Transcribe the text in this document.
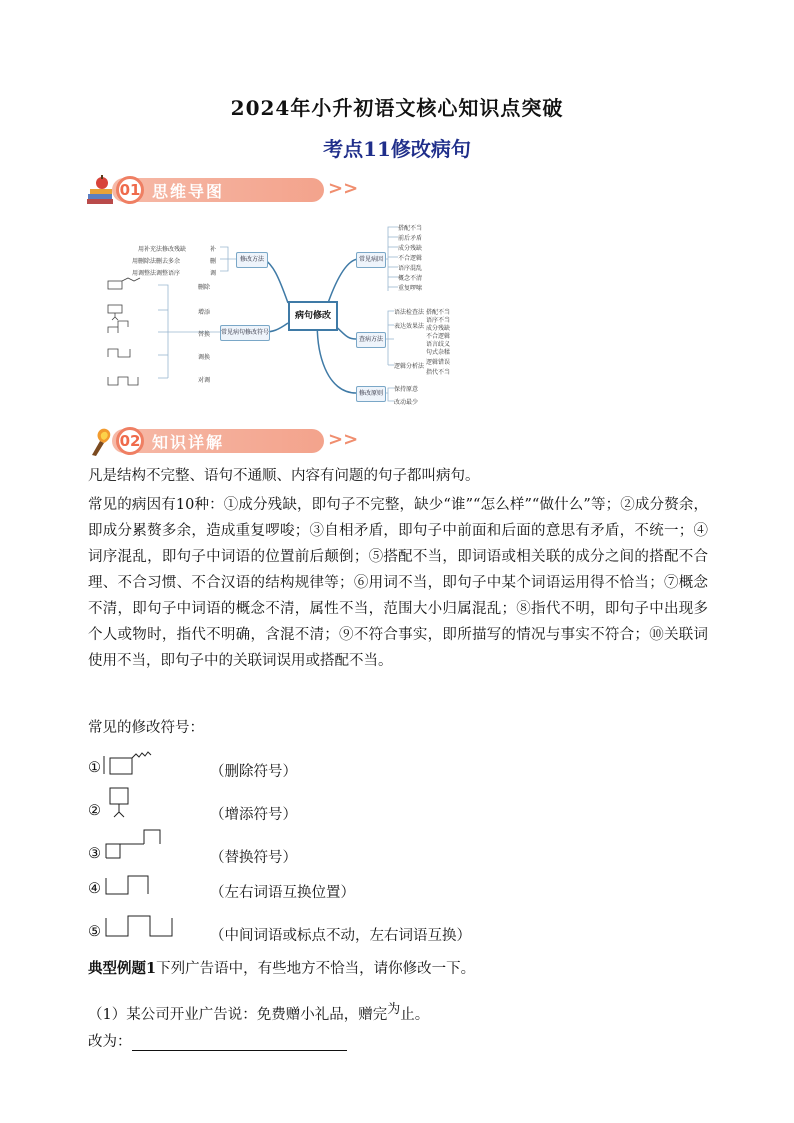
2024年小升初语文核心知识点突破
考点11修改病句
01 思维导图	>>
病句修改
常见病因
查病方法
修改原则
修改方法
常见病句修改符号
搭配不当
前后矛盾
成分残缺
不合逻辑
语序混乱
概念不清
重复啰嗦
语法检查法
表达效果法
逻辑分析法
搭配不当
语序不当
成分残缺
不合逻辑
语言歧义
句式杂糅
逻辑错误
指代不当
保持原意
改动最少
用补充法修改残缺
用删除法删去多余
用调整法调整语序
补
删
调
删除
增添
替换
调换
对调
02 知识详解	>>
凡是结构不完整、语句不通顺、内容有问题的句子都叫病句。
常见的病因有10种：①成分残缺，即句子不完整，缺少“谁”“怎么样”“做什么”等；②成分赘余，即成分累赘多余，造成重复啰唆；③自相矛盾，即句子中前面和后面的意思有矛盾，不统一；④词序混乱，即句子中词语的位置前后颠倒；⑤搭配不当，即词语或相关联的成分之间的搭配不合理、不合习惯、不合汉语的结构规律等；⑥用词不当，即句子中某个词语运用得不恰当；⑦概念不清，即句子中词语的概念不清，属性不当，范围大小归属混乱；⑧指代不明，即句子中出现多个人或物时，指代不明确，含混不清；⑨不符合事实，即所描写的情况与事实不符合；⑩关联词使用不当，即句子中的关联词误用或搭配不当。
常见的修改符号：
①	（删除符号）
②	（增添符号）
③	（替换符号）
④	（左右词语互换位置）
⑤	（中间词语或标点不动，左右词语互换）
典型例题1下列广告语中，有些地方不恰当，请你修改一下。
（1）某公司开业广告说：免费赠小礼品，赠完$^为$止。
改为：
